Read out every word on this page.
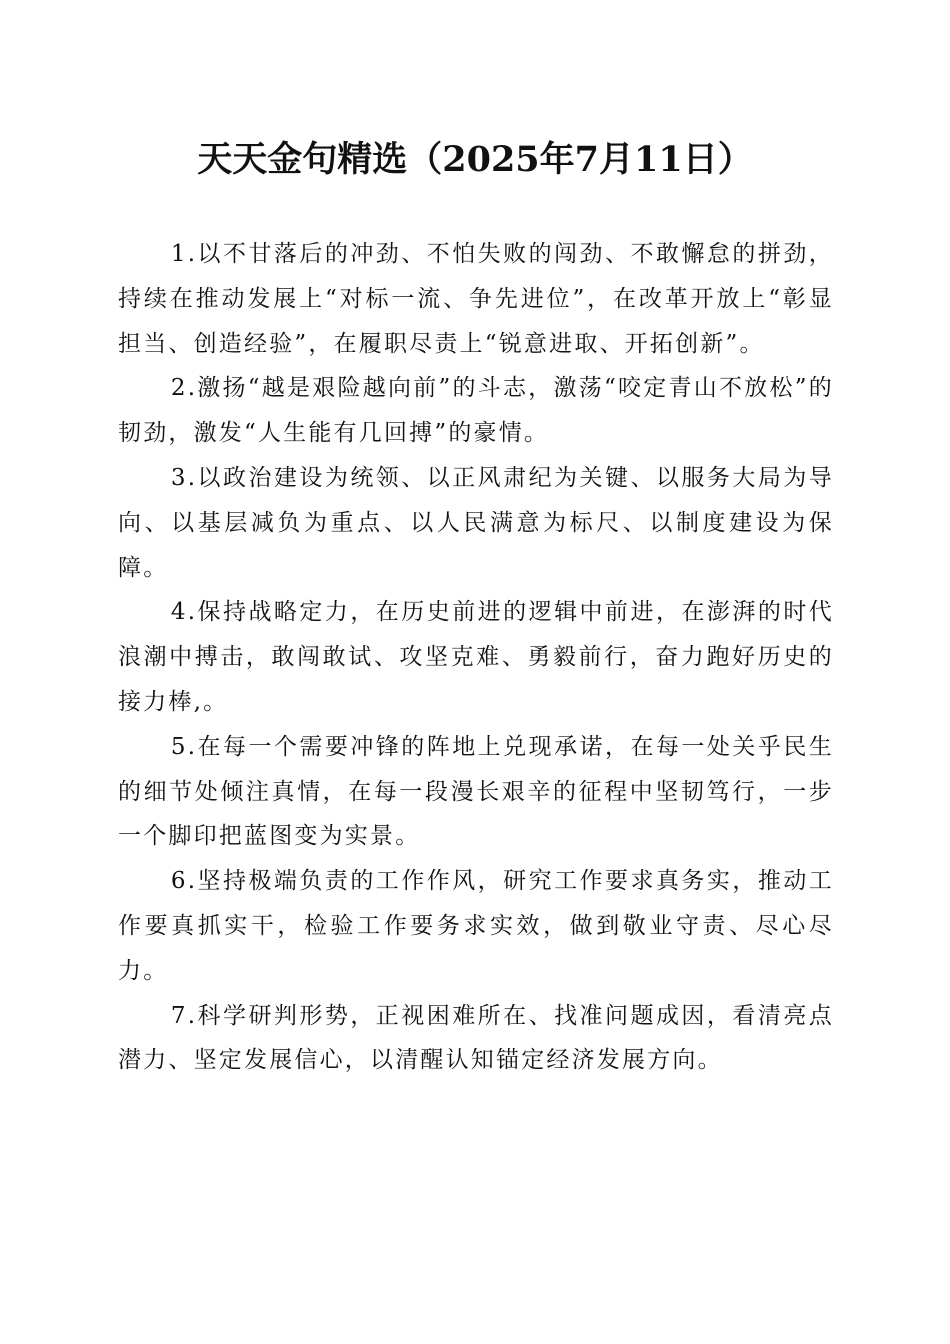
天天金句精选（2025年7月11日）

1.以不甘落后的冲劲、不怕失败的闯劲、不敢懈怠的拼劲，持续在推动发展上“对标一流、争先进位”，在改革开放上“彰显担当、创造经验”，在履职尽责上“锐意进取、开拓创新”。

2.激扬“越是艰险越向前”的斗志，激荡“咬定青山不放松”的韧劲，激发“人生能有几回搏”的豪情。

3.以政治建设为统领、以正风肃纪为关键、以服务大局为导向、以基层减负为重点、以人民满意为标尺、以制度建设为保障。

4.保持战略定力，在历史前进的逻辑中前进，在澎湃的时代浪潮中搏击，敢闯敢试、攻坚克难、勇毅前行，奋力跑好历史的接力棒,。

5.在每一个需要冲锋的阵地上兑现承诺，在每一处关乎民生的细节处倾注真情，在每一段漫长艰辛的征程中坚韧笃行，一步一个脚印把蓝图变为实景。

6.坚持极端负责的工作作风，研究工作要求真务实，推动工作要真抓实干，检验工作要务求实效，做到敬业守责、尽心尽力。

7.科学研判形势，正视困难所在、找准问题成因，看清亮点潜力、坚定发展信心，以清醒认知锚定经济发展方向。
